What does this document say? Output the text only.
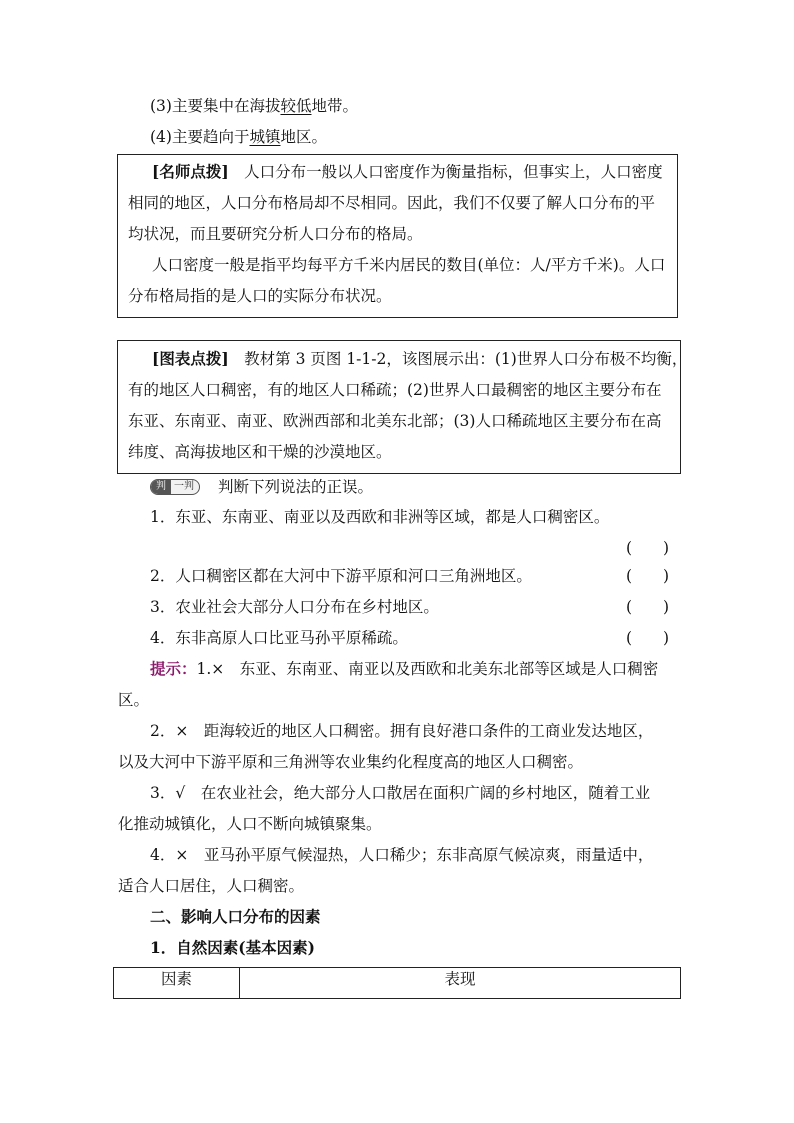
(3)主要集中在海拔较低地带。
(4)主要趋向于城镇地区。
[名师点拨]　人口分布一般以人口密度作为衡量指标，但事实上，人口密度
相同的地区，人口分布格局却不尽相同。因此，我们不仅要了解人口分布的平
均状况，而且要研究分析人口分布的格局。
人口密度一般是指平均每平方千米内居民的数目(单位：人/平方千米)。人口
分布格局指的是人口的实际分布状况。
[图表点拨]　教材第 3 页图 1-1-2，该图展示出：(1)世界人口分布极不均衡，
有的地区人口稠密，有的地区人口稀疏；(2)世界人口最稠密的地区主要分布在
东亚、东南亚、南亚、欧洲西部和北美东北部；(3)人口稀疏地区主要分布在高
纬度、高海拔地区和干燥的沙漠地区。
判 一判	判断下列说法的正误。
1．东亚、东南亚、南亚以及西欧和非洲等区域，都是人口稠密区。
(　　)
2．人口稠密区都在大河中下游平原和河口三角洲地区。	(　　)
3．农业社会大部分人口分布在乡村地区。	(　　)
4．东非高原人口比亚马孙平原稀疏。	(　　)
提示：1.×　东亚、东南亚、南亚以及西欧和北美东北部等区域是人口稠密
区。
2．×　距海较近的地区人口稠密。拥有良好港口条件的工商业发达地区，
以及大河中下游平原和三角洲等农业集约化程度高的地区人口稠密。
3．√　在农业社会，绝大部分人口散居在面积广阔的乡村地区，随着工业
化推动城镇化，人口不断向城镇聚集。
4．×　亚马孙平原气候湿热，人口稀少；东非高原气候凉爽，雨量适中，
适合人口居住，人口稠密。
二、影响人口分布的因素
1．自然因素(基本因素)
因素	表现
